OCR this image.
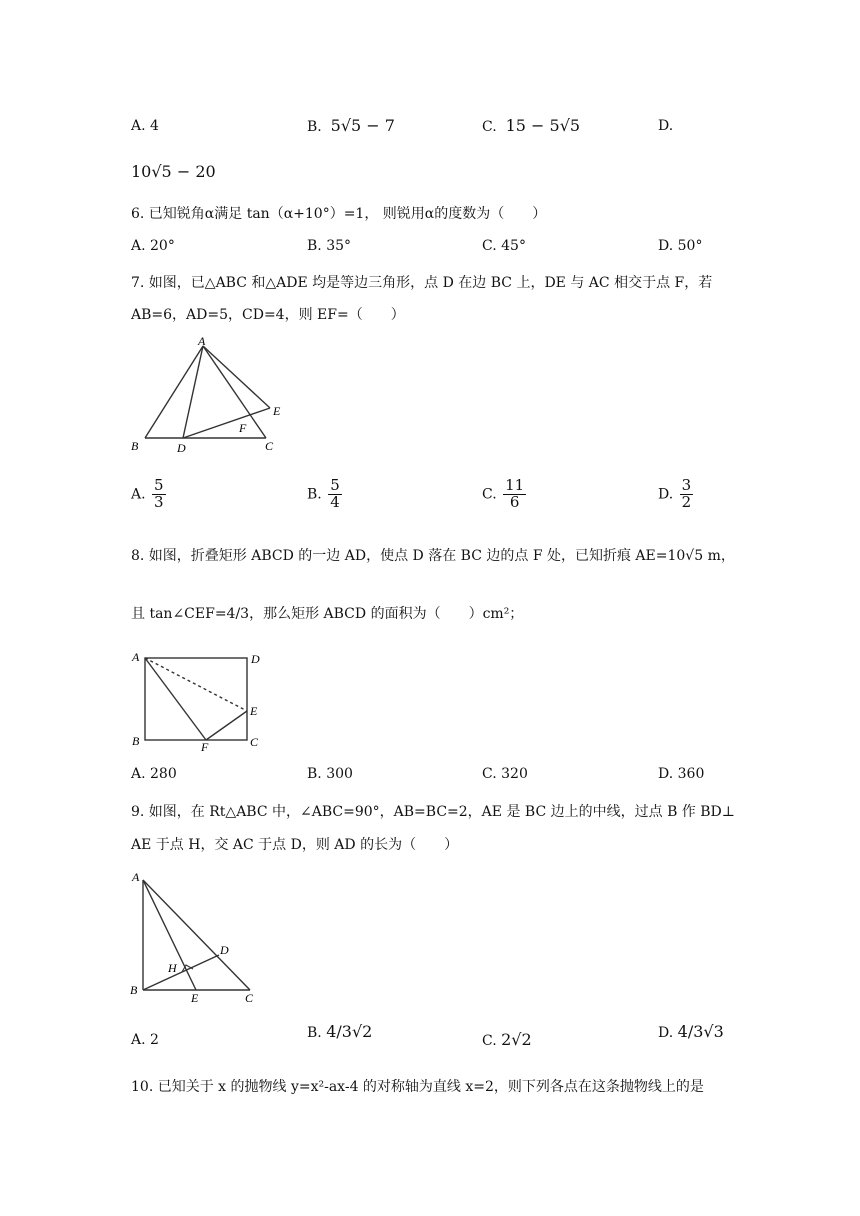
A. 4	B.  5√5 − 7	C.  15 − 5√5	D.
10√5 − 20
6. 已知锐角α满足 tan（α+10°）=1， 则锐用α的度数为（　　）
A. 20°	B. 35°	C. 45°	D. 50°
7. 如图，已△ABC 和△ADE 均是等边三角形，点 D 在边 BC 上，DE 与 AC 相交于点 F，若
AB=6，AD=5，CD=4，则 EF=（　　）
A
E
F
B	D	C
A. $\frac{5}{3}$	B. $\frac{5}{4}$	C. $\frac{11}{6}$	D. $\frac{3}{2}$
8. 如图，折叠矩形 ABCD 的一边 AD，使点 D 落在 BC 边的点 F 处，已知折痕 AE=10√5 m，
且 tan∠CEF=4/3，那么矩形 ABCD 的面积为（　　）cm²；
A	D
E
B	F	C
A. 280	B. 300	C. 320	D. 360
9. 如图，在 Rt△ABC 中，∠ABC=90°，AB=BC=2，AE 是 BC 边上的中线，过点 B 作 BD⊥
AE 于点 H，交 AC 于点 D，则 AD 的长为（　　）
A
D
H
B
E	C
A. 2	B. 4/3√2	C. 2√2	D. 4/3√3
10. 已知关于 x 的抛物线 y=x²-ax-4 的对称轴为直线 x=2，则下列各点在这条抛物线上的是
